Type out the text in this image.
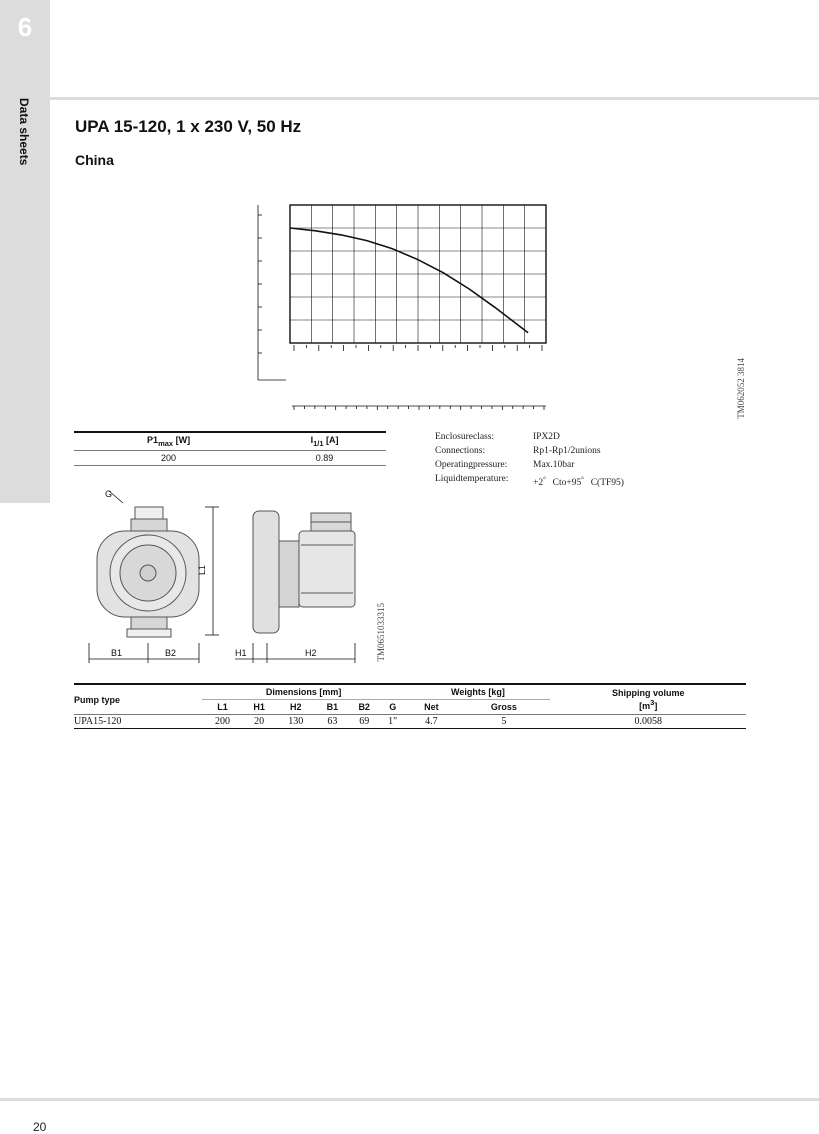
6
Data sheets	UPA 15-120, 1 x 230 V, 50 Hz
China
TM062052 3814
$P1_{max}$ [W]	$I_{1/1}$ [A]
200	0.89
Enclosureclass:	IPX2D
Connections:	Rp1-Rp1/2unions
Operatingpressure:	Max.10bar
Liquidtemperature:	+2゜Cto+95゜C(TF95)
G
L1
B1	B2	H1	H2	TM0651033315
Pump type	Dimensions [mm]						Weights [kg]		Shipping volume
$[m^3]$
	L1	H1	H2	B1	B2	G	Net	Gross	
UPA15-120	200	20	130	63	69	1"	4.7	5	0.0058
20
